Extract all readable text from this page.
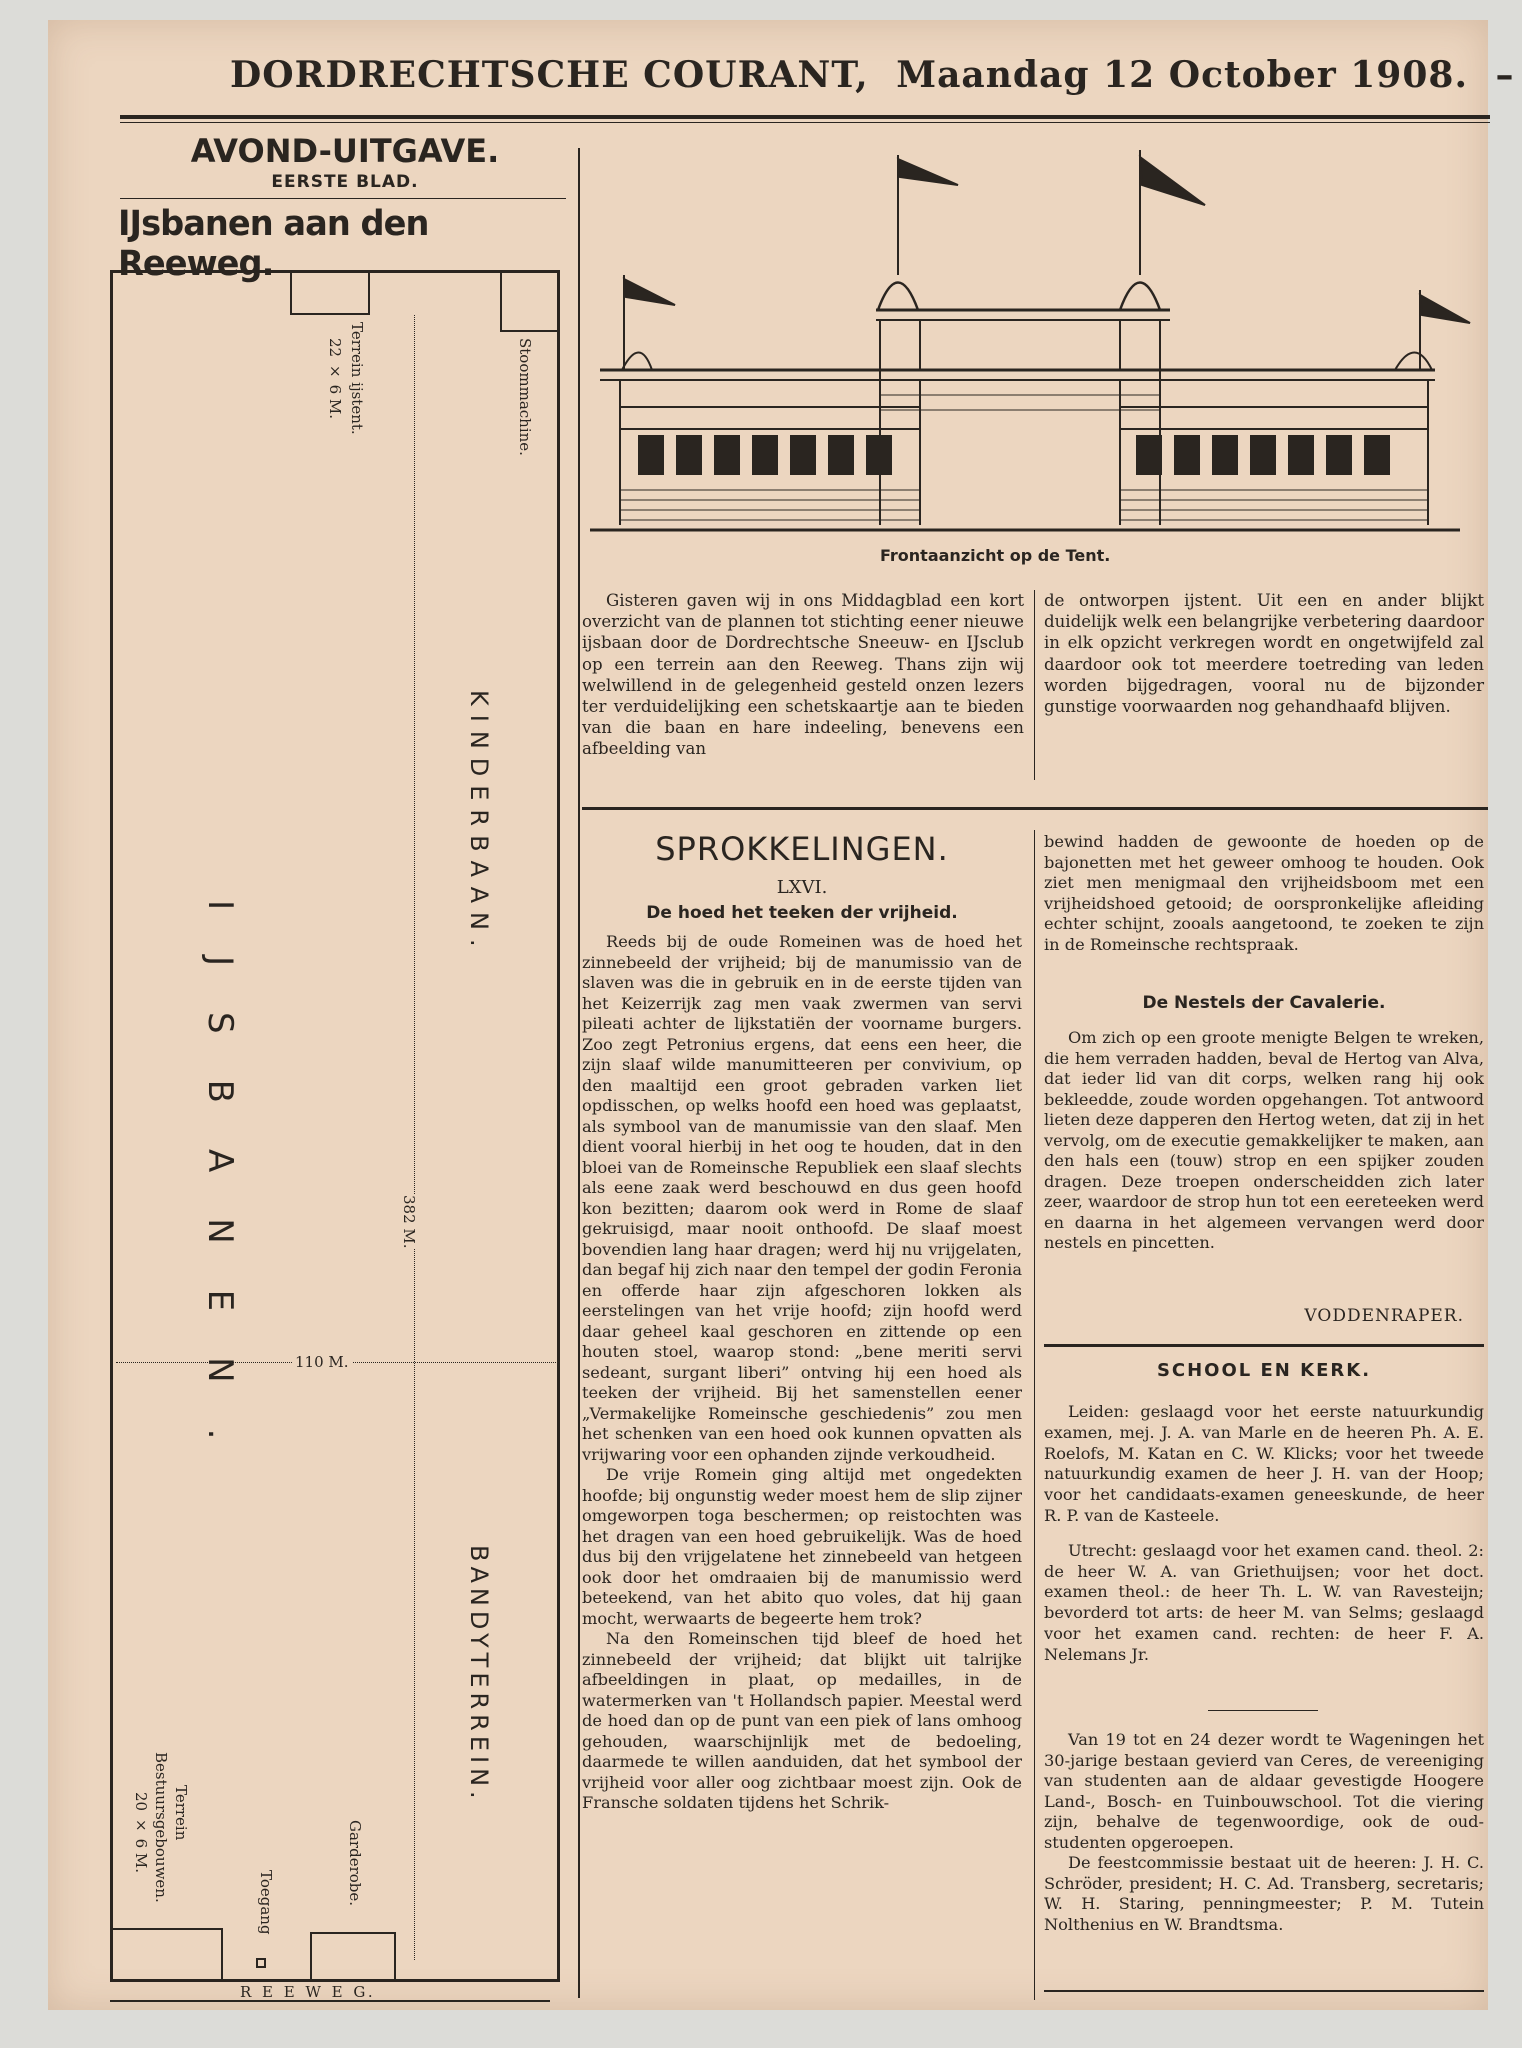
DORDRECHTSCHE COURANT, Maandag 12 October 1908. –
AVOND-UITGAVE.
EERSTE BLAD.
IJsbanen aan den Reeweg.
Terrein ijstent.
22 × 6 M.	Stoommachine.
KINDERBAAN.
IJSBANEN.	382 M.
110 M.
BANDYTERREIN.
Terrein
Bestuursgebouwen.
20 × 6 M.	Garderobe.
Toegang
R E E W E G.
Frontaanzicht op de Tent.

Gisteren gaven wij in ons Middagblad een kort overzicht van de plannen tot stichting eener nieuwe ijsbaan door de Dordrechtsche Sneeuw- en IJsclub op een terrein aan den Reeweg. Thans zijn wij welwillend in de gelegenheid gesteld onzen lezers ter verduidelijking een schetskaartje aan te bieden van die baan en hare indeeling, benevens een afbeelding van

de ontworpen ijstent. Uit een en ander blijkt duidelijk welk een belangrijke verbetering daardoor in elk opzicht verkregen wordt en ongetwijfeld zal daardoor ook tot meerdere toetreding van leden worden bijgedragen, vooral nu de bijzonder gunstige voorwaarden nog gehandhaafd blijven.

SPROKKELINGEN.
LXVI.
De hoed het teeken der vrijheid.

Reeds bij de oude Romeinen was de hoed het zinnebeeld der vrijheid; bij de manumissio van de slaven was die in gebruik en in de eerste tijden van het Keizerrijk zag men vaak zwermen van servi pileati achter de lijkstatiën der voorname burgers. Zoo zegt Petronius ergens, dat eens een heer, die zijn slaaf wilde manumitteeren per convivium, op den maaltijd een groot gebraden varken liet opdisschen, op welks hoofd een hoed was geplaatst, als symbool van de manumissie van den slaaf. Men dient vooral hierbij in het oog te houden, dat in den bloei van de Romeinsche Republiek een slaaf slechts als eene zaak werd beschouwd en dus geen hoofd kon bezitten; daarom ook werd in Rome de slaaf gekruisigd, maar nooit onthoofd. De slaaf moest bovendien lang haar dragen; werd hij nu vrijgelaten, dan begaf hij zich naar den tempel der godin Feronia en offerde haar zijn afgeschoren lokken als eerstelingen van het vrije hoofd; zijn hoofd werd daar geheel kaal geschoren en zittende op een houten stoel, waarop stond: „bene meriti servi sedeant, surgant liberi” ontving hij een hoed als teeken der vrijheid. Bij het samenstellen eener „Vermakelijke Romeinsche geschiedenis” zou men het schenken van een hoed ook kunnen opvatten als vrijwaring voor een ophanden zijnde verkoudheid.

De vrije Romein ging altijd met ongedekten hoofde; bij ongunstig weder moest hem de slip zijner omgeworpen toga beschermen; op reistochten was het dragen van een hoed gebruikelijk. Was de hoed dus bij den vrijgelatene het zinnebeeld van hetgeen ook door het omdraaien bij de manumissio werd beteekend, van het abito quo voles, dat hij gaan mocht, werwaarts de begeerte hem trok?

Na den Romeinschen tijd bleef de hoed het zinnebeeld der vrijheid; dat blijkt uit talrijke afbeeldingen in plaat, op medailles, in de watermerken van 't Hollandsch papier. Meestal werd de hoed dan op de punt van een piek of lans omhoog gehouden, waarschijnlijk met de bedoeling, daarmede te willen aanduiden, dat het symbool der vrijheid voor aller oog zichtbaar moest zijn. Ook de Fransche soldaten tijdens het Schrik-

bewind hadden de gewoonte de hoeden op de bajonetten met het geweer omhoog te houden. Ook ziet men menigmaal den vrijheidsboom met een vrijheidshoed getooid; de oorspronkelijke afleiding echter schijnt, zooals aangetoond, te zoeken te zijn in de Romeinsche rechtspraak.

De Nestels der Cavalerie.

Om zich op een groote menigte Belgen te wreken, die hem verraden hadden, beval de Hertog van Alva, dat ieder lid van dit corps, welken rang hij ook bekleedde, zoude worden opgehangen. Tot antwoord lieten deze dapperen den Hertog weten, dat zij in het vervolg, om de executie gemakkelijker te maken, aan den hals een (touw) strop en een spijker zouden dragen. Deze troepen onderscheidden zich later zeer, waardoor de strop hun tot een eereteeken werd en daarna in het algemeen vervangen werd door nestels en pincetten.

VODDENRAPER.
SCHOOL EN KERK.

Leiden: geslaagd voor het eerste natuurkundig examen, mej. J. A. van Marle en de heeren Ph. A. E. Roelofs, M. Katan en C. W. Klicks; voor het tweede natuurkundig examen de heer J. H. van der Hoop; voor het candidaats-examen geneeskunde, de heer R. P. van de Kasteele.

Utrecht: geslaagd voor het examen cand. theol. 2: de heer W. A. van Griethuijsen; voor het doct. examen theol.: de heer Th. L. W. van Ravesteijn; bevorderd tot arts: de heer M. van Selms; geslaagd voor het examen cand. rechten: de heer F. A. Nelemans Jr.

Van 19 tot en 24 dezer wordt te Wageningen het 30-jarige bestaan gevierd van Ceres, de vereeniging van studenten aan de aldaar gevestigde Hoogere Land-, Bosch- en Tuinbouwschool. Tot die viering zijn, behalve de tegenwoordige, ook de oud-studenten opgeroepen.

De feestcommissie bestaat uit de heeren: J. H. C. Schröder, president; H. C. Ad. Transberg, secretaris; W. H. Staring, penningmeester; P. M. Tutein Nolthenius en W. Brandtsma.
